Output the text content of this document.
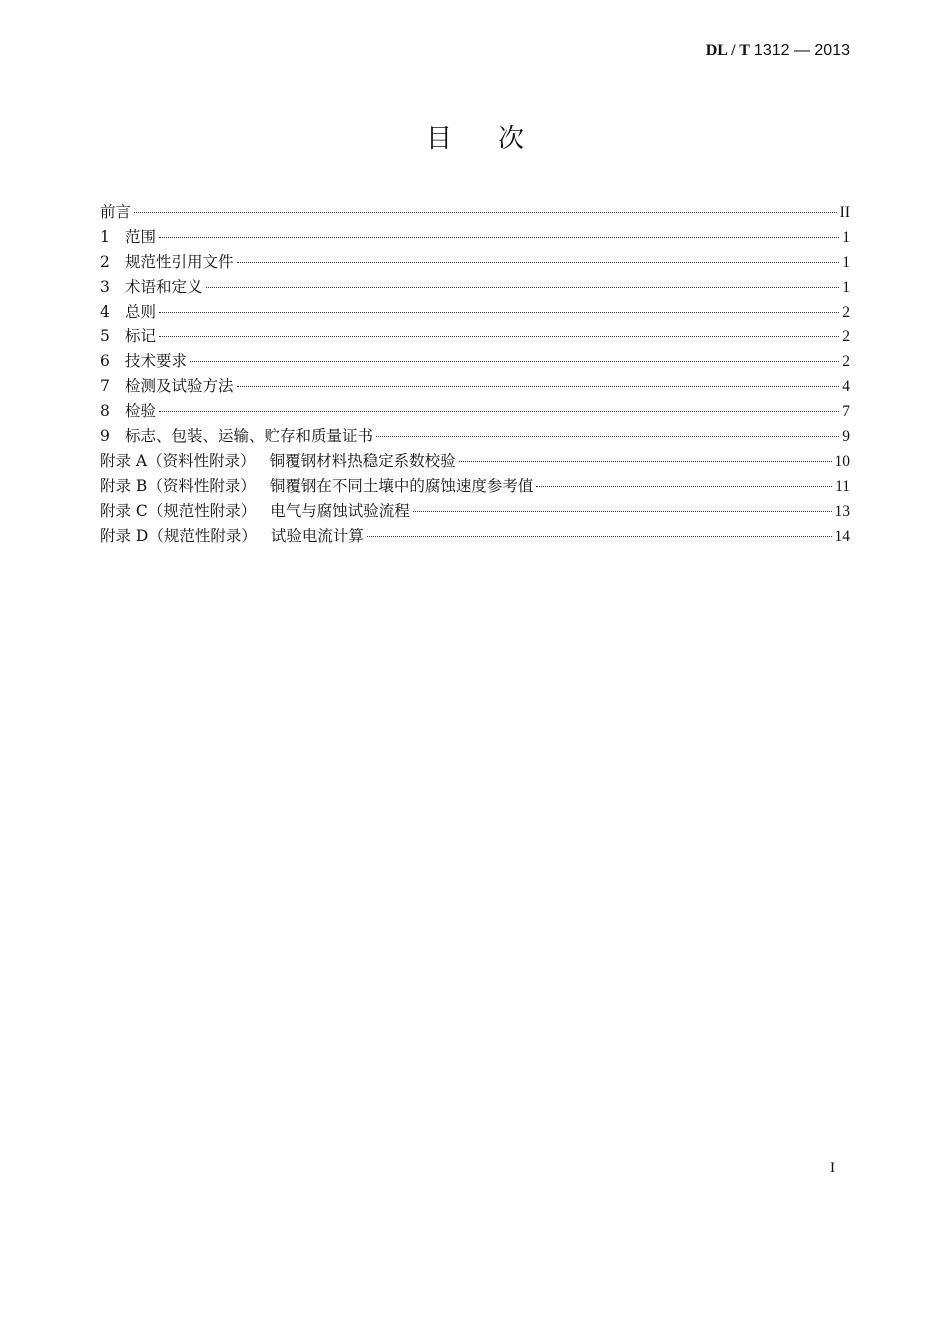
DL / T 1312 — 2013
目 次
前言	II
1 范围	1
2 规范性引用文件	1
3 术语和定义	1
4 总则	2
5 标记	2
6 技术要求	2
7 检测及试验方法	4
8 检验	7
9 标志、包装、运输、贮存和质量证书	9
附录 A（资料性附录） 铜覆钢材料热稳定系数校验	10
附录 B（资料性附录） 铜覆钢在不同土壤中的腐蚀速度参考值	11
附录 C（规范性附录） 电气与腐蚀试验流程	13
附录 D（规范性附录） 试验电流计算	14
I
